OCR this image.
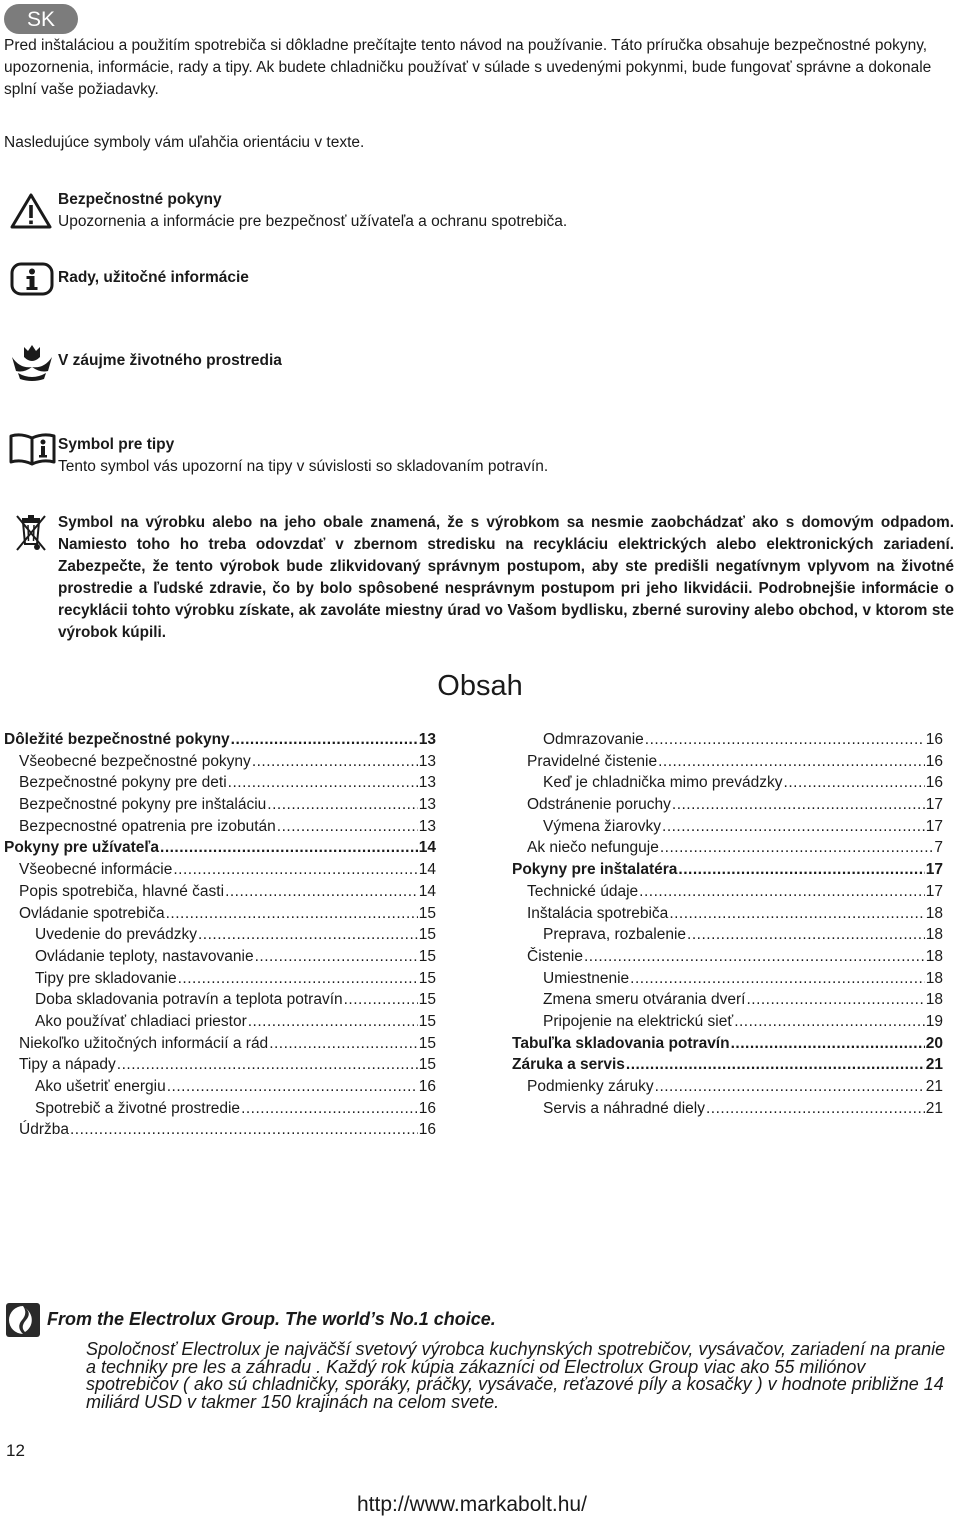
SK
Pred inštaláciou a použitím spotrebiča si dôkladne prečítajte tento návod na používanie. Táto príručka obsahuje bezpečnostné pokyny, upozornenia, informácie, rady a tipy. Ak budete chladničku používať v súlade s uvedenými pokynmi, bude fungovať správne a dokonale splní vaše požiadavky.
Nasledujúce symboly vám uľahčia orientáciu v texte.
Bezpečnostné pokyny
Upozornenia a informácie pre bezpečnosť užívateľa a ochranu spotrebiča.
Rady, užitočné informácie
V záujme životného prostredia
Symbol pre tipy
Tento symbol vás upozorní na tipy v súvislosti so skladovaním potravín.
Symbol na výrobku alebo na jeho obale znamená, že s výrobkom sa nesmie zaobchádzať ako s domovým odpadom. Namiesto toho ho treba odovzdať v zbernom stredisku na recykláciu elektrických alebo elektronických zariadení. Zabezpečte, že tento výrobok bude zlikvidovaný správnym postupom, aby ste predišli negatívnym vplyvom na životné prostredie a ľudské zdravie, čo by bolo spôsobené nesprávnym postupom pri jeho likvidácii. Podrobnejšie informácie o recyklácii tohto výrobku získate, ak zavoláte miestny úrad vo Vašom bydlisku, zberné suroviny alebo obchod, v ktorom ste výrobok kúpili.
Obsah
Dôležité bezpečnostné pokyny .....	13
Všeobecné bezpečnostné pokyny .....	13
Bezpečnostné pokyny pre deti .....	13
Bezpečnostné pokyny pre inštaláciu .....	13
Bezpecnostné opatrenia pre izobután .....	13
Pokyny pre užívateľa .....	14
Všeobecné informácie .....	14
Popis spotrebiča, hlavné časti .....	14
Ovládanie spotrebiča .....	15
Uvedenie do prevádzky .....	15
Ovládanie teploty, nastavovanie .....	15
Tipy pre skladovanie .....	15
Doba skladovania potravín a teplota potravín .....	15
Ako používať chladiaci priestor .....	15
Niekoľko užitočných informácií a rád .....	15
Tipy a nápady .....	15
Ako ušetriť energiu .....	16
Spotrebič a životné prostredie .....	16
Údržba .....	16
Odmrazovanie .....	16
Pravidelné čistenie .....	16
Keď je chladnička mimo prevádzky .....	16
Odstránenie poruchy .....	17
Výmena žiarovky .....	17
Ak niečo nefunguje .....	7
Pokyny pre inštalatéra .....	17
Technické údaje .....	17
Inštalácia spotrebiča .....	18
Preprava, rozbalenie .....	18
Čistenie .....	18
Umiestnenie .....	18
Zmena smeru otvárania dverí .....	18
Pripojenie na elektrickú sieť .....	19
Tabuľka skladovania potravín .....	20
Záruka a servis .....	21
Podmienky záruky .....	21
Servis a náhradné diely .....	21
From the Electrolux Group. The world’s No.1 choice.
Spoločnosť Electrolux je najväčší svetový výrobca kuchynských spotrebičov, vysávačov, zariadení na pranie a techniky pre les a záhradu . Každý rok kúpia zákazníci od Electrolux Group viac ako 55 miliónov spotrebičov ( ako sú chladničky, sporáky, práčky, vysávače, reťazové píly a kosačky ) v hodnote približne 14 miliárd USD v takmer 150 krajinách na celom svete.
12
http://www.markabolt.hu/
